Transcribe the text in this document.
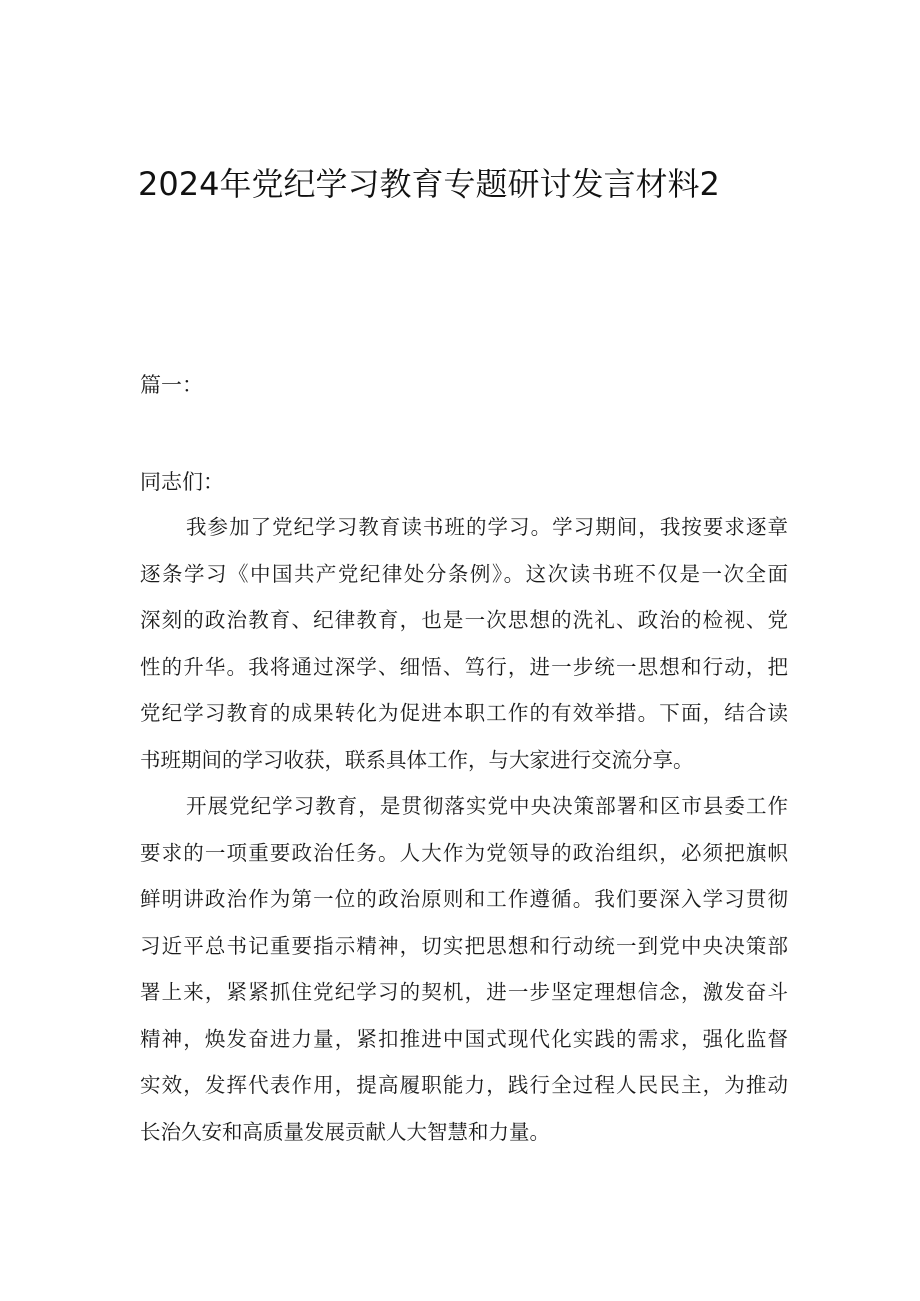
2024年党纪学习教育专题研讨发言材料2
篇一：
同志们：
我参加了党纪学习教育读书班的学习。学习期间，我按要求逐章
逐条学习《中国共产党纪律处分条例》。这次读书班不仅是一次全面
深刻的政治教育、纪律教育，也是一次思想的洗礼、政治的检视、党
性的升华。我将通过深学、细悟、笃行，进一步统一思想和行动，把
党纪学习教育的成果转化为促进本职工作的有效举措。下面，结合读
书班期间的学习收获，联系具体工作，与大家进行交流分享。
开展党纪学习教育，是贯彻落实党中央决策部署和区市县委工作
要求的一项重要政治任务。人大作为党领导的政治组织，必须把旗帜
鲜明讲政治作为第一位的政治原则和工作遵循。我们要深入学习贯彻
习近平总书记重要指示精神，切实把思想和行动统一到党中央决策部
署上来，紧紧抓住党纪学习的契机，进一步坚定理想信念，激发奋斗
精神，焕发奋进力量，紧扣推进中国式现代化实践的需求，强化监督
实效，发挥代表作用，提高履职能力，践行全过程人民民主，为推动
长治久安和高质量发展贡献人大智慧和力量。
